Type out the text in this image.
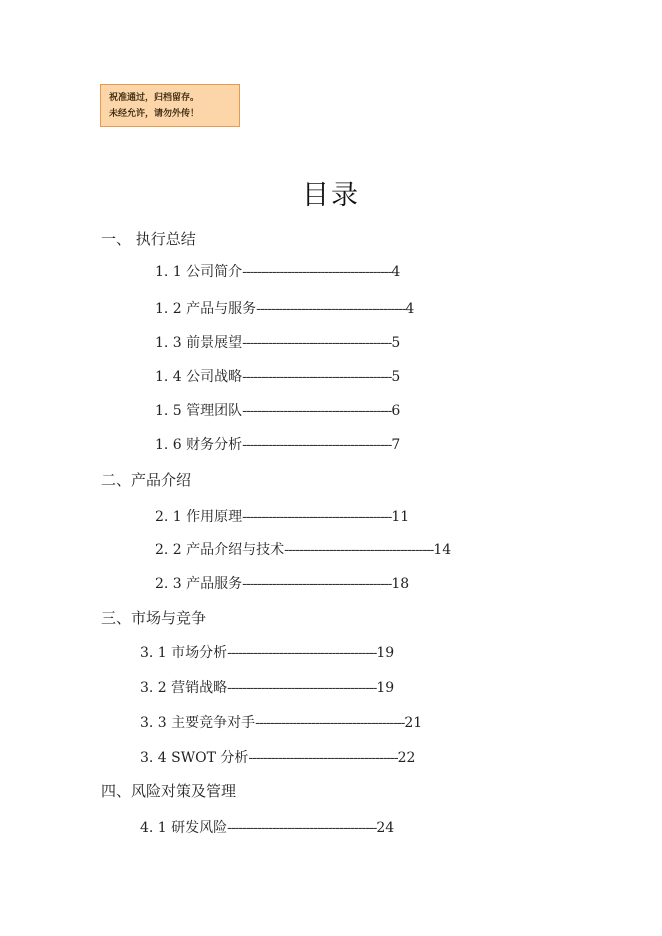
祝准通过，归档留存。
未经允许，请勿外传！
目录
一、 执行总结
1. 1 公司简介----------------------------------------4
1. 2 产品与服务----------------------------------------4
1. 3 前景展望----------------------------------------5
1. 4 公司战略----------------------------------------5
1. 5 管理团队----------------------------------------6
1. 6 财务分析----------------------------------------7
二、产品介绍
2. 1 作用原理----------------------------------------11
2. 2 产品介绍与技术----------------------------------------14
2. 3 产品服务----------------------------------------18
三、市场与竞争
3. 1 市场分析----------------------------------------19
3. 2 营销战略----------------------------------------19
3. 3 主要竞争对手----------------------------------------21
3. 4 SWOT 分析----------------------------------------22
四、风险对策及管理
4. 1 研发风险----------------------------------------24
